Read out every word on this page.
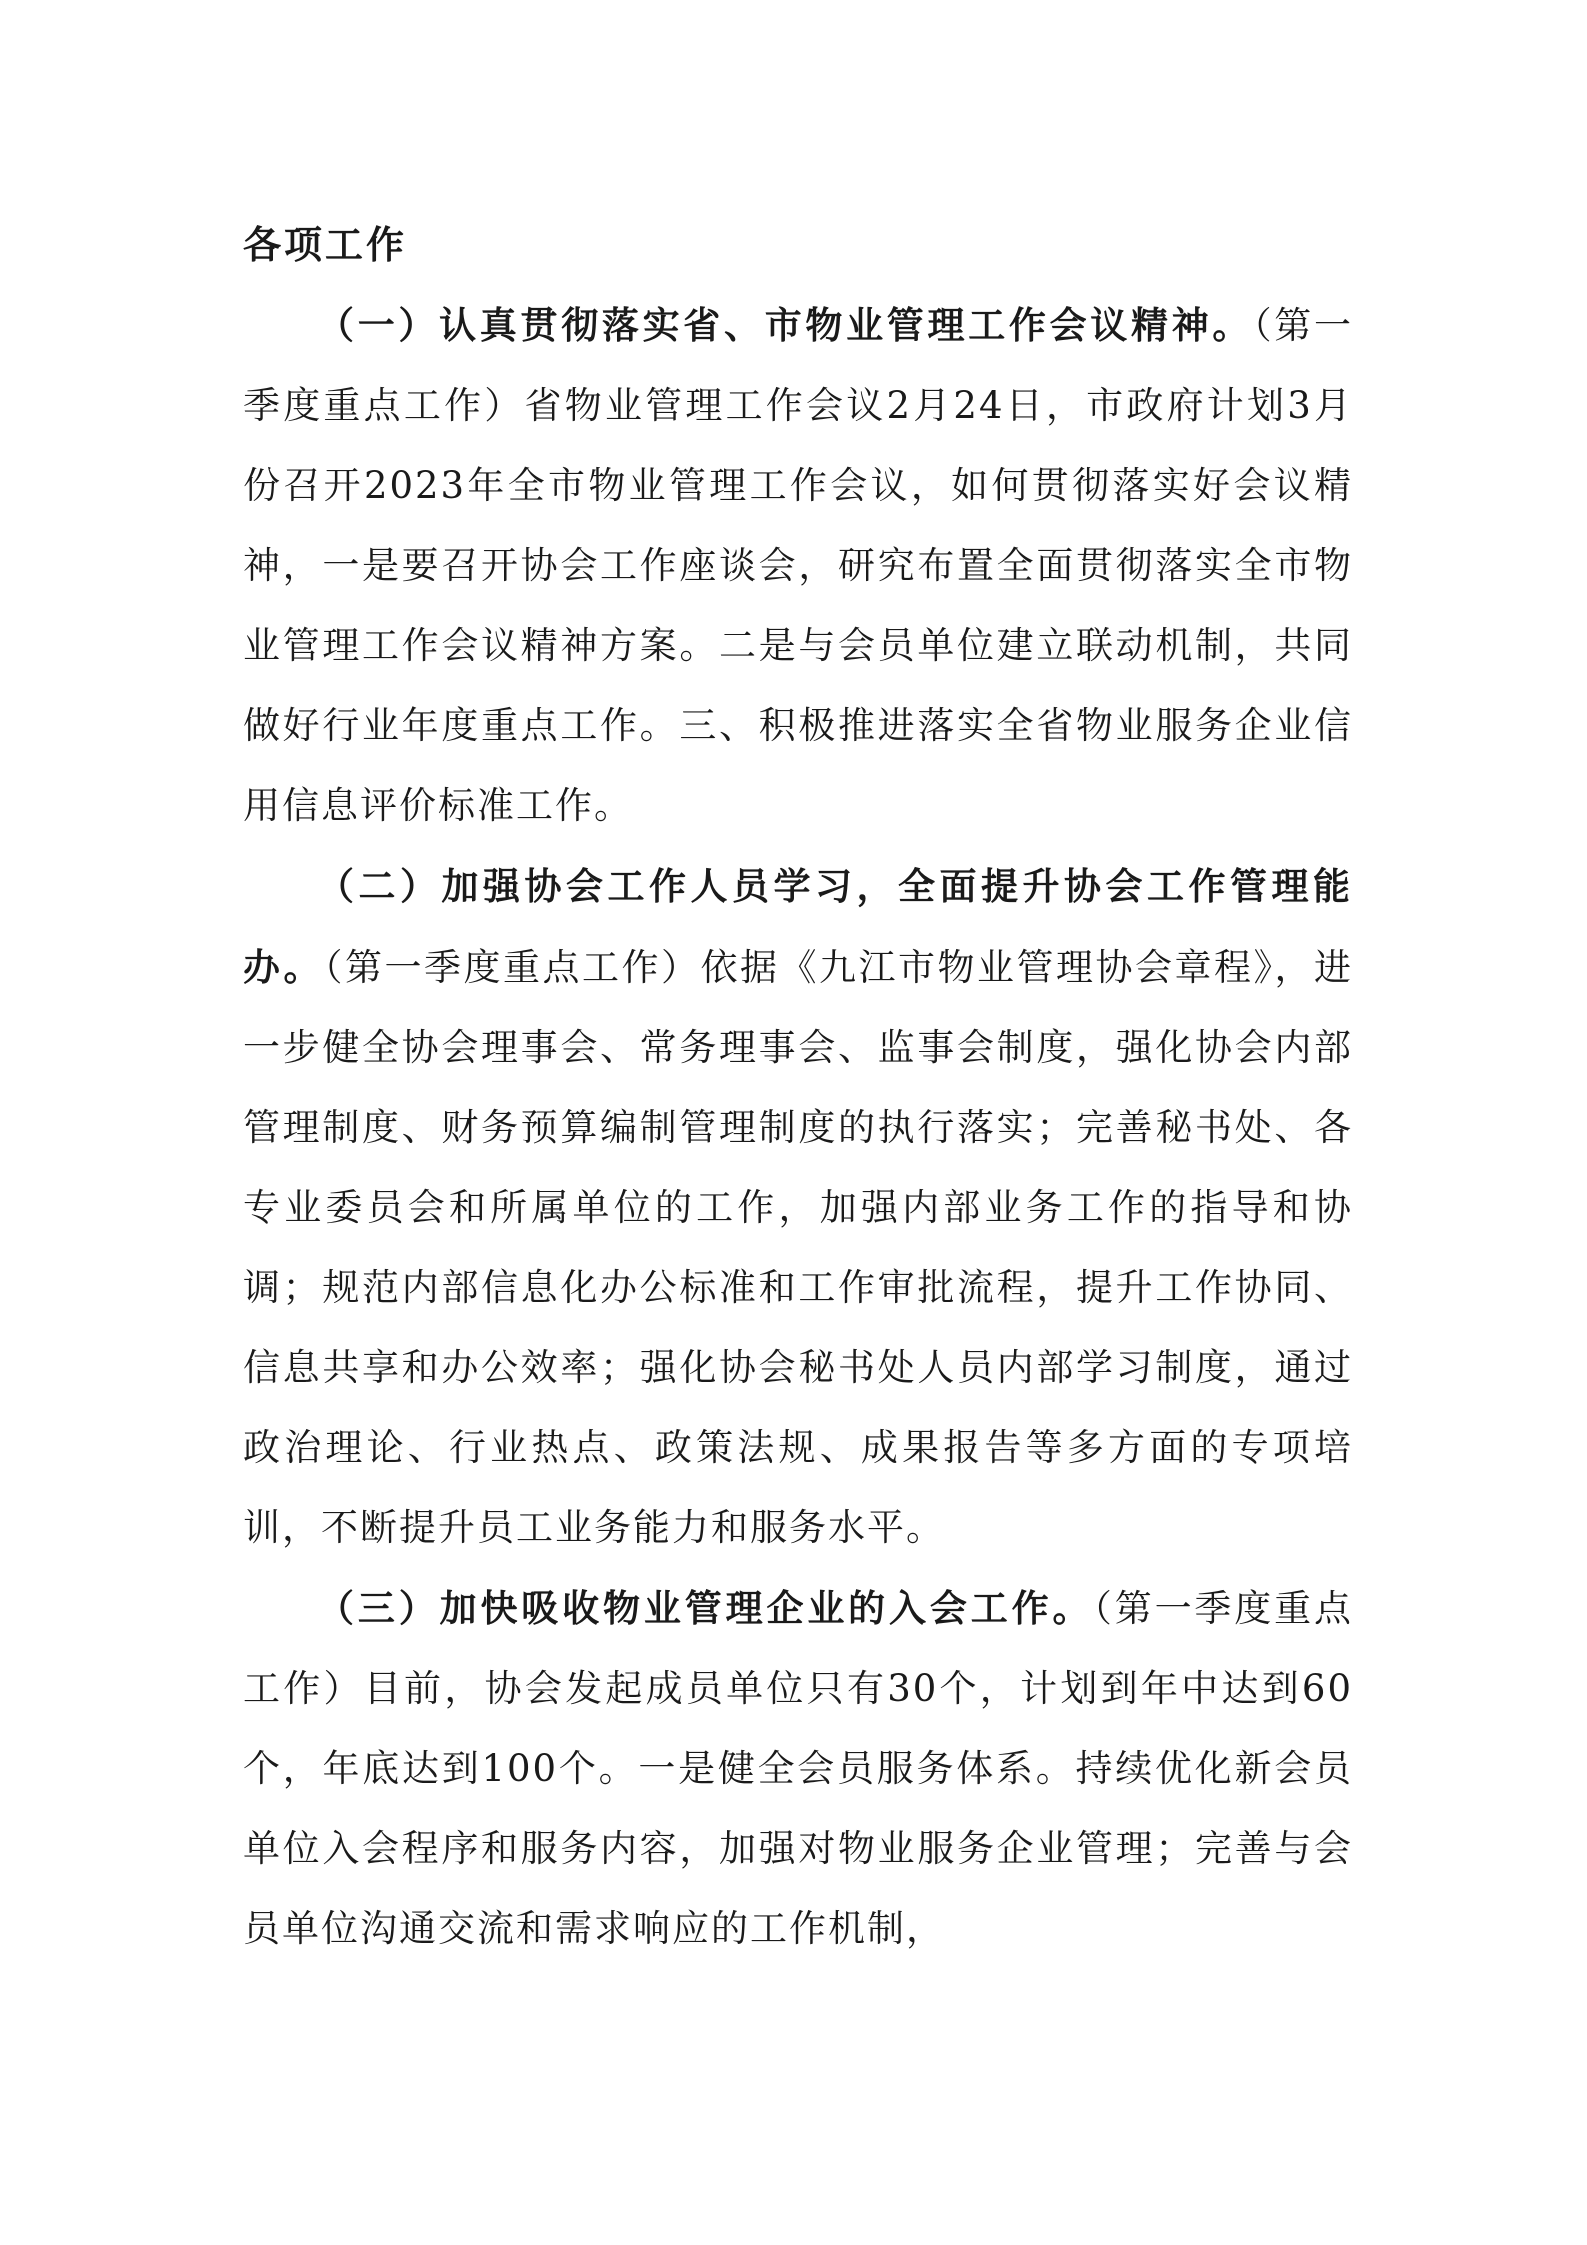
各项工作

（一）认真贯彻落实省、市物业管理工作会议精神。（第一季度重点工作）省物业管理工作会议2月24日，市政府计划3月份召开2023年全市物业管理工作会议，如何贯彻落实好会议精神，一是要召开协会工作座谈会，研究布置全面贯彻落实全市物业管理工作会议精神方案。二是与会员单位建立联动机制，共同做好行业年度重点工作。三、积极推进落实全省物业服务企业信用信息评价标准工作。

（二）加强协会工作人员学习，全面提升协会工作管理能办。（第一季度重点工作）依据《九江市物业管理协会章程》，进一步健全协会理事会、常务理事会、监事会制度，强化协会内部管理制度、财务预算编制管理制度的执行落实；完善秘书处、各专业委员会和所属单位的工作，加强内部业务工作的指导和协调；规范内部信息化办公标准和工作审批流程，提升工作协同、信息共享和办公效率；强化协会秘书处人员内部学习制度，通过政治理论、行业热点、政策法规、成果报告等多方面的专项培训，不断提升员工业务能力和服务水平。

（三）加快吸收物业管理企业的入会工作。（第一季度重点工作）目前，协会发起成员单位只有30个，计划到年中达到60个，年底达到100个。一是健全会员服务体系。持续优化新会员单位入会程序和服务内容，加强对物业服务企业管理；完善与会员单位沟通交流和需求响应的工作机制，
